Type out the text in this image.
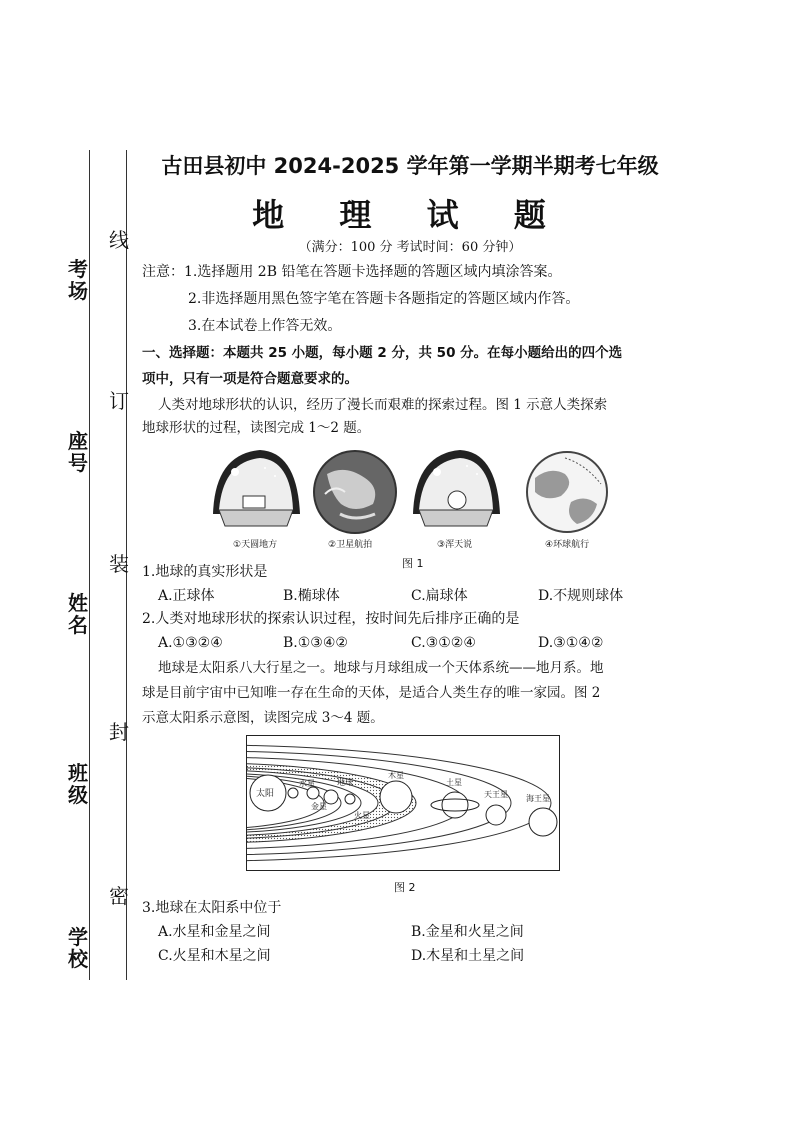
线
订
装
封
密
考场
座号
姓名
班级
学校
古田县初中 2024-2025 学年第一学期半期考七年级
地 理 试 题
（满分：100 分 考试时间：60 分钟）
注意：1.选择题用 2B 铅笔在答题卡选择题的答题区域内填涂答案。
2.非选择题用黑色签字笔在答题卡各题指定的答题区域内作答。
3.在本试卷上作答无效。
一、选择题：本题共 25 小题，每小题 2 分，共 50 分。在每小题给出的四个选
项中，只有一项是符合题意要求的。
人类对地球形状的认识，经历了漫长而艰难的探索过程。图 1 示意人类探索
地球形状的过程，读图完成 1～2 题。
①天圆地方	②卫星航拍	③浑天说	④环球航行
图 1
1.地球的真实形状是
A.正球体	B.椭球体	C.扁球体	D.不规则球体
2.人类对地球形状的探索认识过程，按时间先后排序正确的是
A.①③②④	B.①③④②	C.③①②④	D.③①④②
地球是太阳系八大行星之一。地球与月球组成一个天体系统——地月系。地
球是目前宇宙中已知唯一存在生命的天体，是适合人类生存的唯一家园。图 2
示意太阳系示意图，读图完成 3～4 题。
太阳
水星
金星
地球
火星
木星
土星
天王星 海王星
图 2
3.地球在太阳系中位于
A.水星和金星之间	B.金星和火星之间
C.火星和木星之间	D.木星和土星之间
